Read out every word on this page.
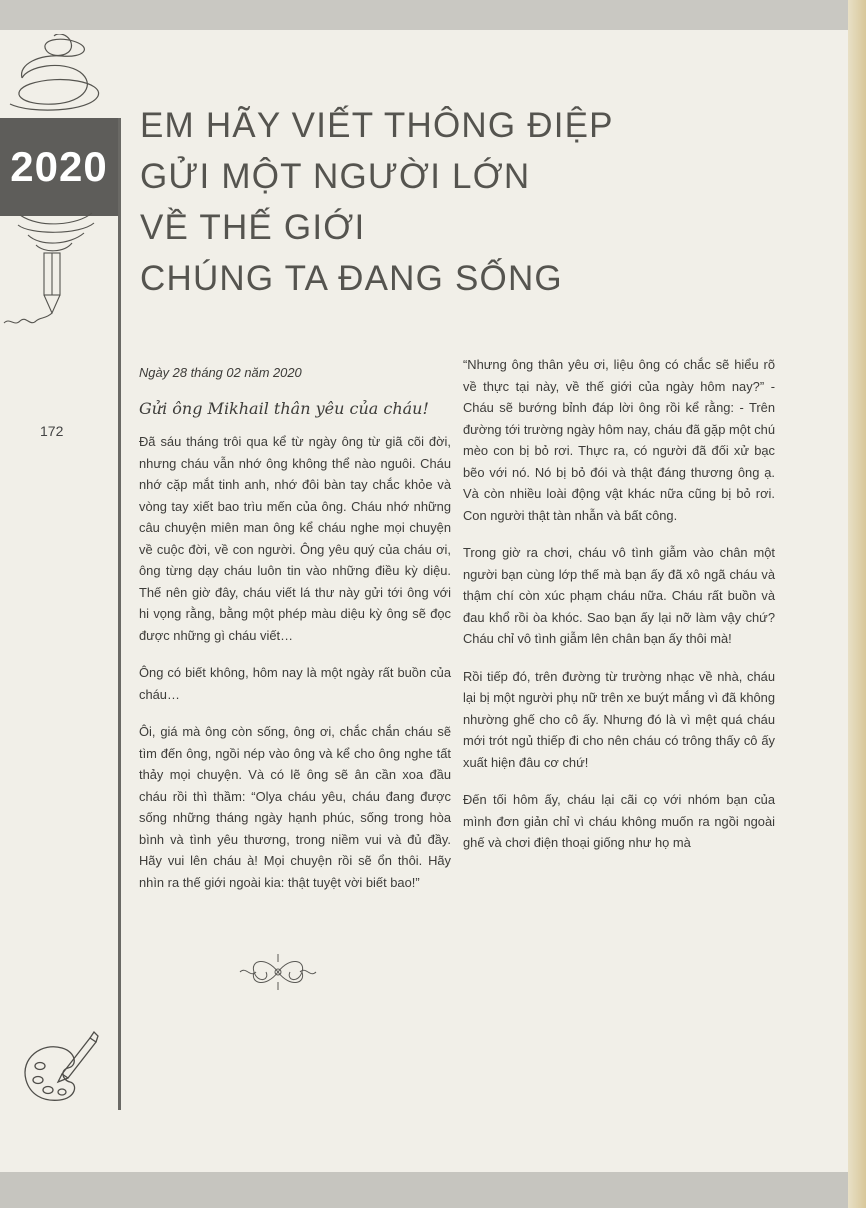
2020
EM HÃY VIẾT THÔNG ĐIỆP
GỬI MỘT NGƯỜI LỚN
VỀ THẾ GIỚI
CHÚNG TA ĐANG SỐNG
172

Ngày 28 tháng 02 năm 2020

Gửi ông Mikhail thân yêu của cháu!

Đã sáu tháng trôi qua kể từ ngày ông từ giã cõi đời, nhưng cháu vẫn nhớ ông không thể nào nguôi. Cháu nhớ cặp mắt tinh anh, nhớ đôi bàn tay chắc khỏe và vòng tay xiết bao trìu mến của ông. Cháu nhớ những câu chuyện miên man ông kể cháu nghe mọi chuyện về cuộc đời, về con người. Ông yêu quý của cháu ơi, ông từng dạy cháu luôn tin vào những điều kỳ diệu. Thế nên giờ đây, cháu viết lá thư này gửi tới ông với hi vọng rằng, bằng một phép màu diệu kỳ ông sẽ đọc được những gì cháu viết…

Ông có biết không, hôm nay là một ngày rất buồn của cháu…

Ôi, giá mà ông còn sống, ông ơi, chắc chắn cháu sẽ tìm đến ông, ngồi nép vào ông và kể cho ông nghe tất thảy mọi chuyện. Và có lẽ ông sẽ ân cần xoa đầu cháu rồi thì thầm: “Olya cháu yêu, cháu đang được sống những tháng ngày hạnh phúc, sống trong hòa bình và tình yêu thương, trong niềm vui và đủ đầy. Hãy vui lên cháu à! Mọi chuyện rồi sẽ ổn thôi. Hãy nhìn ra thế giới ngoài kia: thật tuyệt vời biết bao!”

“Nhưng ông thân yêu ơi, liệu ông có chắc sẽ hiểu rõ về thực tại này, về thế giới của ngày hôm nay?” - Cháu sẽ bướng bỉnh đáp lời ông rồi kể rằng: - Trên đường tới trường ngày hôm nay, cháu đã gặp một chú mèo con bị bỏ rơi. Thực ra, có người đã đối xử bạc bẽo với nó. Nó bị bỏ đói và thật đáng thương ông ạ. Và còn nhiều loài động vật khác nữa cũng bị bỏ rơi. Con người thật tàn nhẫn và bất công.

Trong giờ ra chơi, cháu vô tình giẫm vào chân một người bạn cùng lớp thế mà bạn ấy đã xô ngã cháu và thậm chí còn xúc phạm cháu nữa. Cháu rất buồn và đau khổ rồi òa khóc. Sao bạn ấy lại nỡ làm vậy chứ? Cháu chỉ vô tình giẫm lên chân bạn ấy thôi mà!

Rồi tiếp đó, trên đường từ trường nhạc về nhà, cháu lại bị một người phụ nữ trên xe buýt mắng vì đã không nhường ghế cho cô ấy. Nhưng đó là vì mệt quá cháu mới trót ngủ thiếp đi cho nên cháu có trông thấy cô ấy xuất hiện đâu cơ chứ!

Đến tối hôm ấy, cháu lại cãi cọ với nhóm bạn của mình đơn giản chỉ vì cháu không muốn ra ngồi ngoài ghế và chơi điện thoại giống như họ mà
